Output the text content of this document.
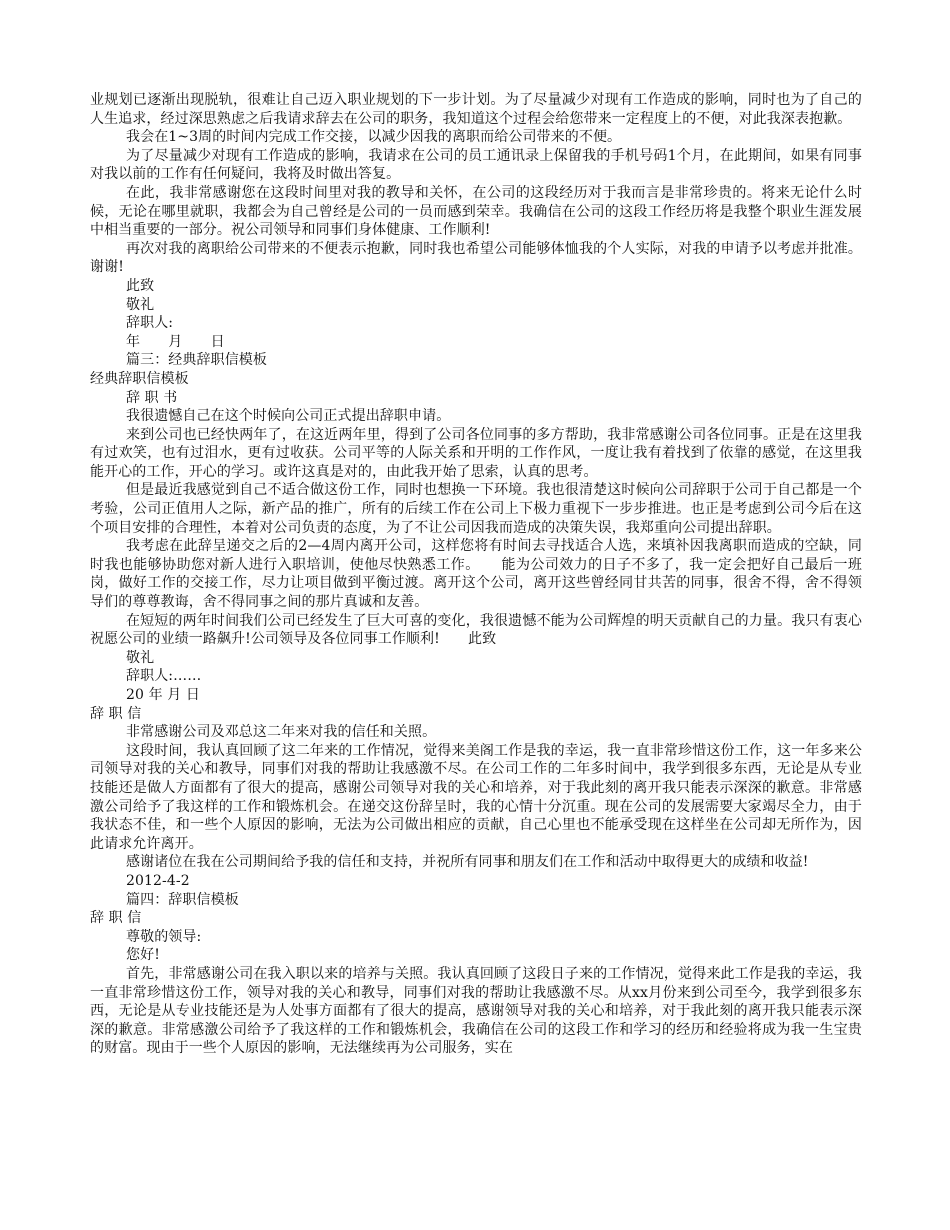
业规划已逐渐出现脱轨，很难让自己迈入职业规划的下一步计划。为了尽量减少对现有工作造成的影响，同时也为了自己的人生追求，经过深思熟虑之后我请求辞去在公司的职务，我知道这个过程会给您带来一定程度上的不便，对此我深表抱歉。

我会在1~3周的时间内完成工作交接，以减少因我的离职而给公司带来的不便。

为了尽量减少对现有工作造成的影响，我请求在公司的员工通讯录上保留我的手机号码1个月，在此期间，如果有同事对我以前的工作有任何疑问，我将及时做出答复。

在此，我非常感谢您在这段时间里对我的教导和关怀，在公司的这段经历对于我而言是非常珍贵的。将来无论什么时候，无论在哪里就职，我都会为自己曾经是公司的一员而感到荣幸。我确信在公司的这段工作经历将是我整个职业生涯发展中相当重要的一部分。祝公司领导和同事们身体健康、工作顺利!

再次对我的离职给公司带来的不便表示抱歉，同时我也希望公司能够体恤我的个人实际，对我的申请予以考虑并批准。谢谢!

此致

敬礼

辞职人:

年　　月　　日

篇三：经典辞职信模板

经典辞职信模板

辞 职 书

我很遗憾自己在这个时候向公司正式提出辞职申请。

来到公司也已经快两年了，在这近两年里，得到了公司各位同事的多方帮助，我非常感谢公司各位同事。正是在这里我有过欢笑，也有过泪水，更有过收获。公司平等的人际关系和开明的工作作风，一度让我有着找到了依靠的感觉，在这里我能开心的工作，开心的学习。或许这真是对的，由此我开始了思索，认真的思考。

但是最近我感觉到自己不适合做这份工作，同时也想换一下环境。我也很清楚这时候向公司辞职于公司于自己都是一个考验，公司正值用人之际，新产品的推广，所有的后续工作在公司上下极力重视下一步步推进。也正是考虑到公司今后在这个项目安排的合理性，本着对公司负责的态度，为了不让公司因我而造成的决策失误，我郑重向公司提出辞职。

我考虑在此辞呈递交之后的2—4周内离开公司，这样您将有时间去寻找适合人选，来填补因我离职而造成的空缺，同时我也能够协助您对新人进行入职培训，使他尽快熟悉工作。　　能为公司效力的日子不多了，我一定会把好自己最后一班岗，做好工作的交接工作，尽力让项目做到平衡过渡。离开这个公司，离开这些曾经同甘共苦的同事，很舍不得，舍不得领导们的尊尊教诲，舍不得同事之间的那片真诚和友善。

在短短的两年时间我们公司已经发生了巨大可喜的变化，我很遗憾不能为公司辉煌的明天贡献自己的力量。我只有衷心祝愿公司的业绩一路飙升!公司领导及各位同事工作顺利!　　此致

敬礼

辞职人:……

20 年 月 日

辞 职 信

非常感谢公司及邓总这二年来对我的信任和关照。

这段时间，我认真回顾了这二年来的工作情况，觉得来美阁工作是我的幸运，我一直非常珍惜这份工作，这一年多来公司领导对我的关心和教导，同事们对我的帮助让我感激不尽。在公司工作的二年多时间中，我学到很多东西，无论是从专业技能还是做人方面都有了很大的提高，感谢公司领导对我的关心和培养，对于我此刻的离开我只能表示深深的歉意。非常感激公司给予了我这样的工作和锻炼机会。在递交这份辞呈时，我的心情十分沉重。现在公司的发展需要大家竭尽全力，由于我状态不佳，和一些个人原因的影响，无法为公司做出相应的贡献，自己心里也不能承受现在这样坐在公司却无所作为，因此请求允许离开。

感谢诸位在我在公司期间给予我的信任和支持，并祝所有同事和朋友们在工作和活动中取得更大的成绩和收益!

2012-4-2

篇四：辞职信模板

辞 职 信

尊敬的领导:

您好!

首先，非常感谢公司在我入职以来的培养与关照。我认真回顾了这段日子来的工作情况，觉得来此工作是我的幸运，我一直非常珍惜这份工作，领导对我的关心和教导，同事们对我的帮助让我感激不尽。从xx月份来到公司至今，我学到很多东西，无论是从专业技能还是为人处事方面都有了很大的提高，感谢领导对我的关心和培养，对于我此刻的离开我只能表示深深的歉意。非常感激公司给予了我这样的工作和锻炼机会，我确信在公司的这段工作和学习的经历和经验将成为我一生宝贵的财富。现由于一些个人原因的影响，无法继续再为公司服务，实在
